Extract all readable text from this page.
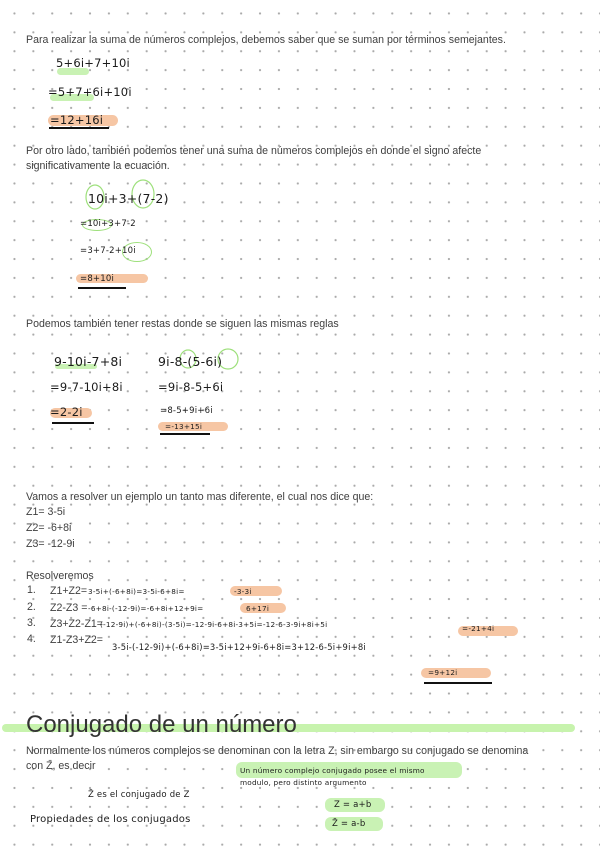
Para realizar la suma de números complejos, debemos saber que se suman por términos semejantes.
5+6i+7+10i
=5+7+6i+10i
=12+16i
Por otro lado, también podemos tener una suma de números complejos en donde el signo afecte significativamente la ecuación.
10i+3+(7-2)
=10i+3+7-2
=3+7-2+10i
=8+10i
Podemos también tener restas donde se siguen las mismas reglas
9-10i-7+8i
=9-7-10i+8i
=2-2i
9i-8-(5-6i)
=9i-8-5+6i
=8-5+9i+6i
=-13+15i
Vamos a resolver un ejemplo un tanto mas diferente, el cual nos dice que:
Z1= 3-5i
Z2= -6+8i
Z3= -12-9i
Resolveremos
1. Z1+Z2= 3-5i+(-6+8i)=3-5i-6+8i=	-3-3i
2. Z2-Z3 = -6+8i-(-12-9i)=-6+8i+12+9i=	6+17i
3. Z3+Z2-Z1=
(-12-9i)+(-6+8i)-(3-5i)=-12-9i-6+8i-3+5i=-12-6-3-9i+8i+5i	=-21+4i
4. Z1-Z3+Z2=
3-5i-(-12-9i)+(-6+8i)=3-5i+12+9i-6+8i=3+12-6-5i+9i+8i
=9+12i
Conjugado de un número
Normalmente los números complejos se denominan con la letra Z, sin embargo su conjugado se denomina con Z̄, es decir
Z̄ es el conjugado de Z
Un número complejo conjugado posee el mismo modulo, pero distinto argumento
Z = a+b
Z̄ = a-b
Propiedades de los conjugados
